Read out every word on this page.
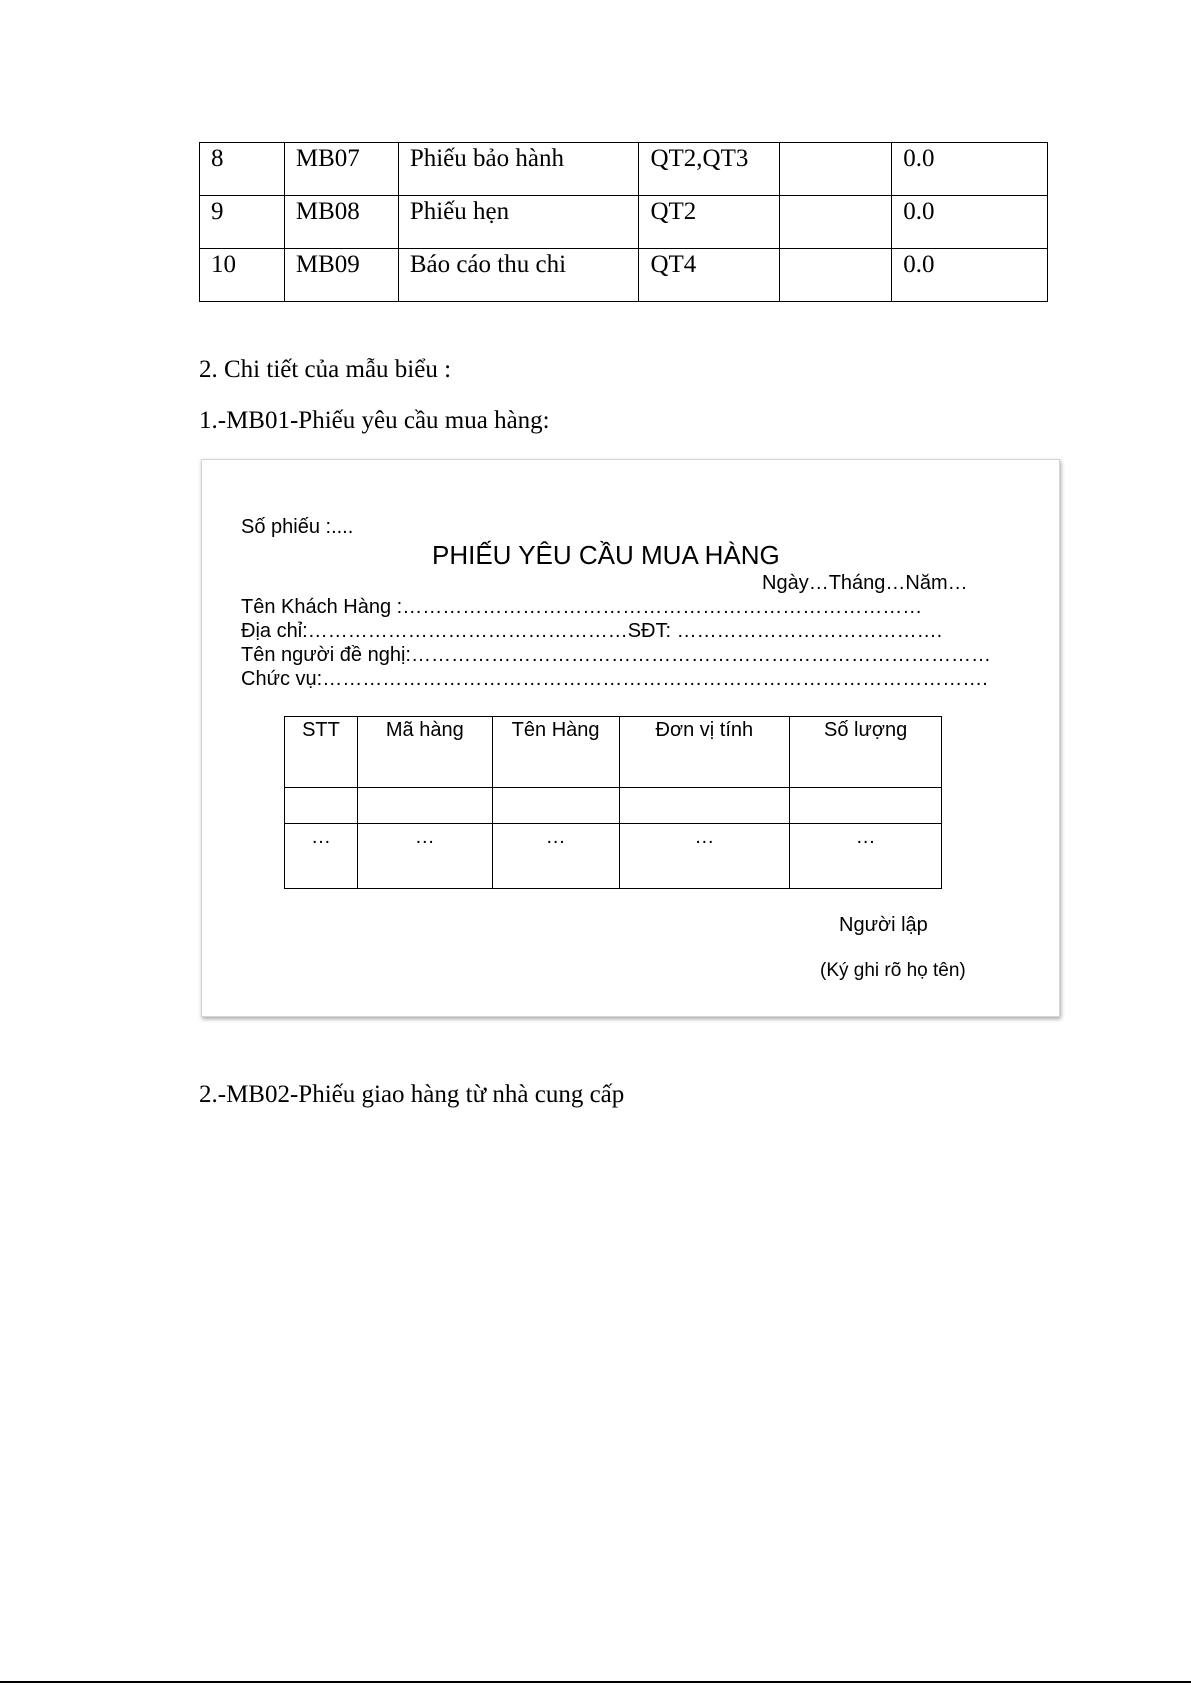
8	MB07	Phiếu bảo hành	QT2,QT3		0.0
9	MB08	Phiếu hẹn	QT2		0.0
10	MB09	Báo cáo thu chi	QT4		0.0
2. Chi tiết của mẫu biểu :
1.-MB01-Phiếu yêu cầu mua hàng:
Số phiếu :....
PHIẾU YÊU CẦU MUA HÀNG
Ngày…Tháng…Năm…
Tên Khách Hàng :……………………………………………………………………
Địa chỉ:…………………………………………SĐT: ………………………………….
Tên người đề nghị:……………………………………………………………………………
Chức vụ:……………………………………………………………………………………….
STT	Mã hàng	Tên Hàng	Đơn vị tính	Số lượng

…	…	…	…	…
Người lập
(Ký ghi rõ họ tên)
2.-MB02-Phiếu giao hàng từ nhà cung cấp
